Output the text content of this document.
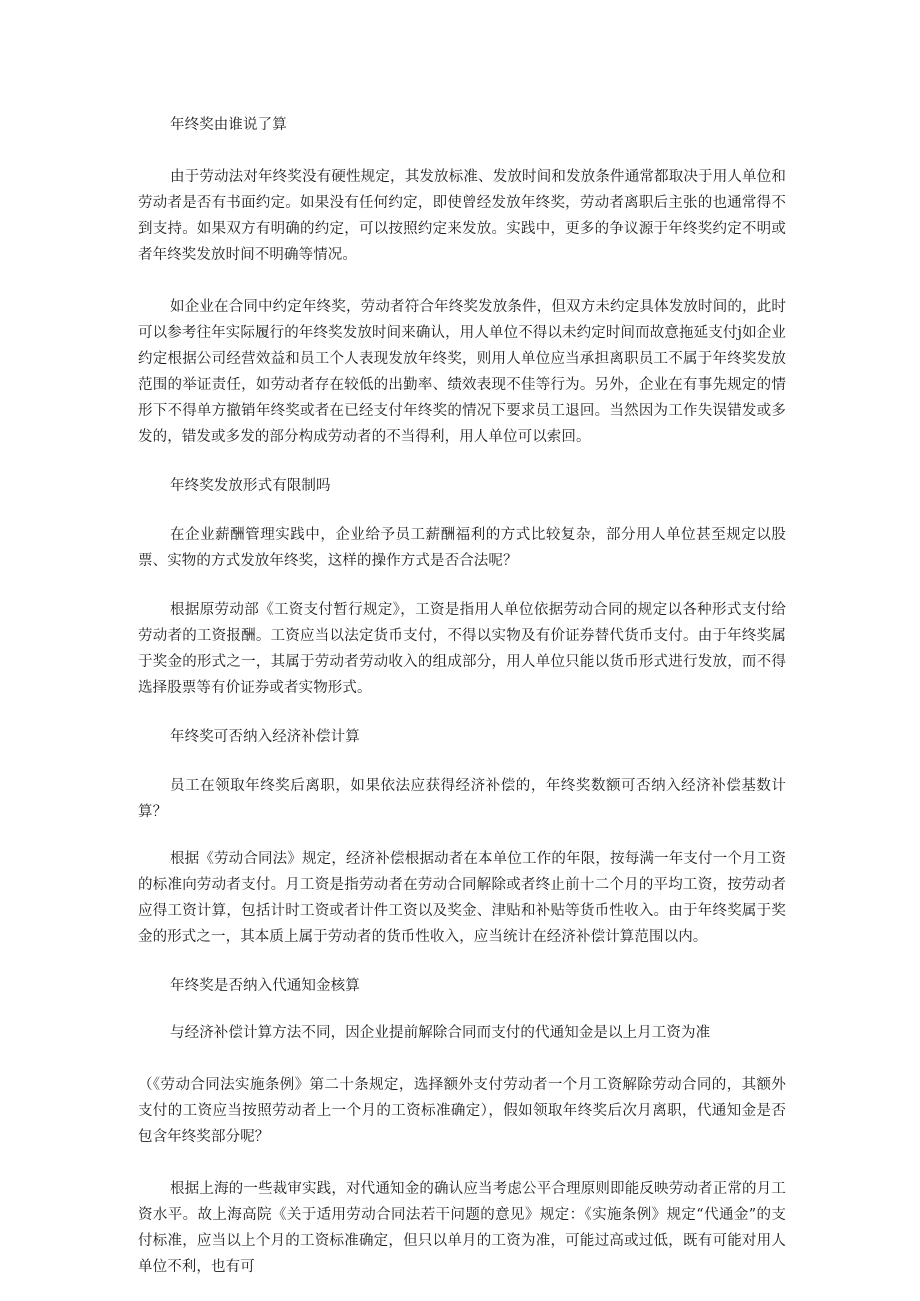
年终奖由谁说了算

由于劳动法对年终奖没有硬性规定，其发放标准、发放时间和发放条件通常都取决于用人单位和劳动者是否有书面约定。如果没有任何约定，即使曾经发放年终奖，劳动者离职后主张的也通常得不到支持。如果双方有明确的约定，可以按照约定来发放。实践中，更多的争议源于年终奖约定不明或者年终奖发放时间不明确等情况。

如企业在合同中约定年终奖，劳动者符合年终奖发放条件，但双方未约定具体发放时间的，此时可以参考往年实际履行的年终奖发放时间来确认，用人单位不得以未约定时间而故意拖延支付j如企业约定根据公司经营效益和员工个人表现发放年终奖，则用人单位应当承担离职员工不属于年终奖发放范围的举证责任，如劳动者存在较低的出勤率、绩效表现不佳等行为。另外，企业在有事先规定的情形下不得单方撤销年终奖或者在已经支付年终奖的情况下要求员工退回。当然因为工作失误错发或多发的，错发或多发的部分构成劳动者的不当得利，用人单位可以索回。

年终奖发放形式有限制吗

在企业薪酬管理实践中，企业给予员工薪酬福利的方式比较复杂，部分用人单位甚至规定以股票、实物的方式发放年终奖，这样的操作方式是否合法呢？

根据原劳动部《工资支付暂行规定》，工资是指用人单位依据劳动合同的规定以各种形式支付给劳动者的工资报酬。工资应当以法定货币支付，不得以实物及有价证券替代货币支付。由于年终奖属于奖金的形式之一，其属于劳动者劳动收入的组成部分，用人单位只能以货币形式进行发放，而不得选择股票等有价证券或者实物形式。

年终奖可否纳入经济补偿计算

员工在领取年终奖后离职，如果依法应获得经济补偿的，年终奖数额可否纳入经济补偿基数计算？

根据《劳动合同法》规定，经济补偿根据动者在本单位工作的年限，按每满一年支付一个月工资的标准向劳动者支付。月工资是指劳动者在劳动合同解除或者终止前十二个月的平均工资，按劳动者应得工资计算，包括计时工资或者计件工资以及奖金、津贴和补贴等货币性收入。由于年终奖属于奖金的形式之一，其本质上属于劳动者的货币性收入，应当统计在经济补偿计算范围以内。

年终奖是否纳入代通知金核算

与经济补偿计算方法不同，因企业提前解除合同而支付的代通知金是以上月工资为准

（《劳动合同法实施条例》第二十条规定，选择额外支付劳动者一个月工资解除劳动合同的，其额外支付的工资应当按照劳动者上一个月的工资标准确定），假如领取年终奖后次月离职，代通知金是否包含年终奖部分呢？

根据上海的一些裁审实践，对代通知金的确认应当考虑公平合理原则即能反映劳动者正常的月工资水平。故上海高院《关于适用劳动合同法若干问题的意见》规定：《实施条例》规定“代通金”的支付标准，应当以上个月的工资标准确定，但只以单月的工资为准，可能过高或过低，既有可能对用人单位不利，也有可
